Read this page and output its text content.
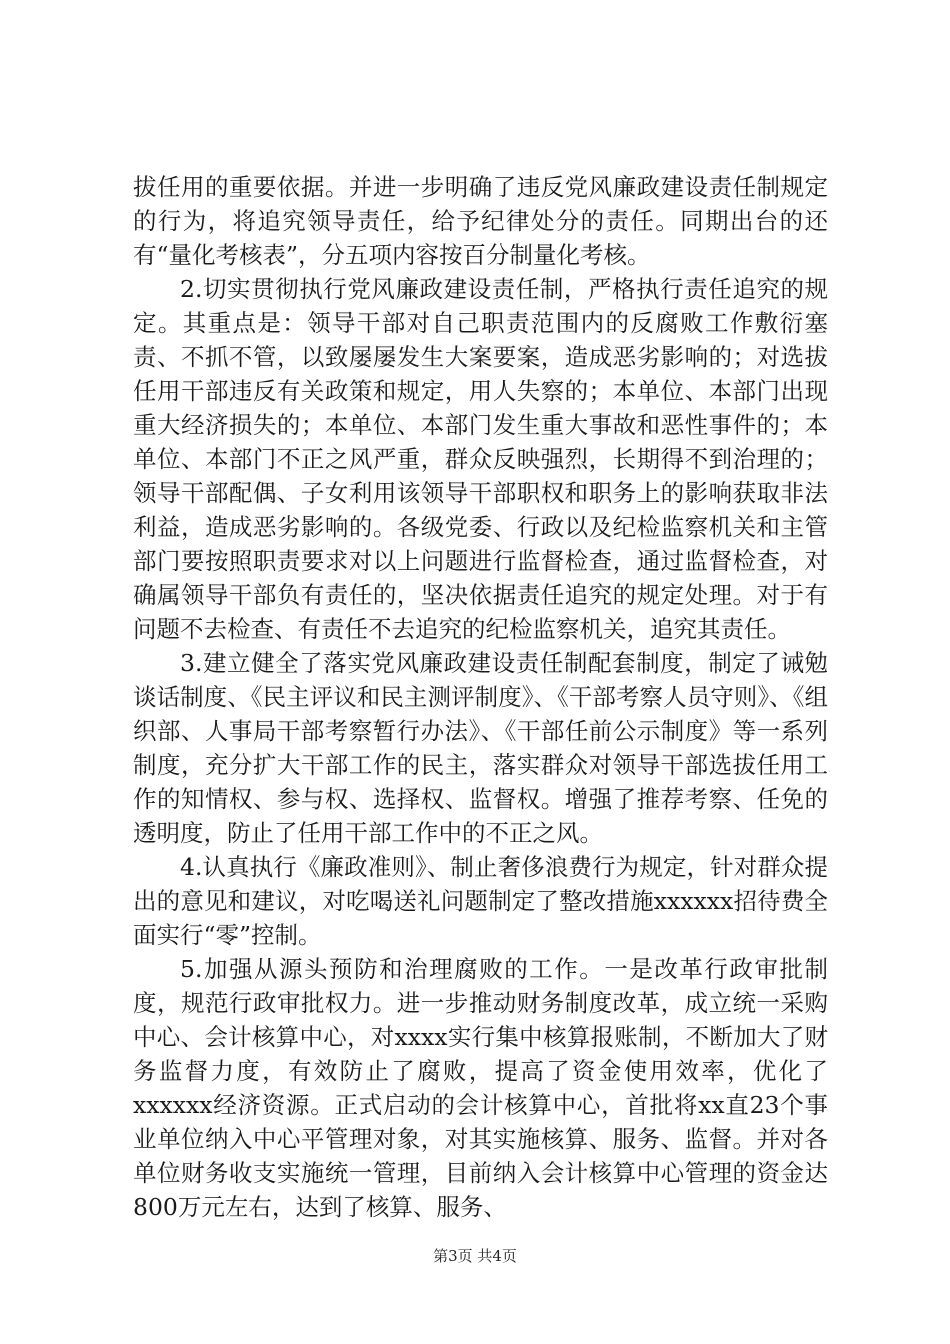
拔任用的重要依据。并进一步明确了违反党风廉政建设责任制规定的行为，将追究领导责任，给予纪律处分的责任。同期出台的还有“量化考核表”，分五项内容按百分制量化考核。

2.切实贯彻执行党风廉政建设责任制，严格执行责任追究的规定。其重点是：领导干部对自己职责范围内的反腐败工作敷衍塞责、不抓不管，以致屡屡发生大案要案，造成恶劣影响的；对选拔任用干部违反有关政策和规定，用人失察的；本单位、本部门出现重大经济损失的；本单位、本部门发生重大事故和恶性事件的；本单位、本部门不正之风严重，群众反映强烈，长期得不到治理的；领导干部配偶、子女利用该领导干部职权和职务上的影响获取非法利益，造成恶劣影响的。各级党委、行政以及纪检监察机关和主管部门要按照职责要求对以上问题进行监督检查，通过监督检查，对确属领导干部负有责任的，坚决依据责任追究的规定处理。对于有问题不去检查、有责任不去追究的纪检监察机关，追究其责任。

3.建立健全了落实党风廉政建设责任制配套制度，制定了诫勉谈话制度、《民主评议和民主测评制度》、《干部考察人员守则》、《组织部、人事局干部考察暂行办法》、《干部任前公示制度》等一系列制度，充分扩大干部工作的民主，落实群众对领导干部选拔任用工作的知情权、参与权、选择权、监督权。增强了推荐考察、任免的透明度，防止了任用干部工作中的不正之风。

4.认真执行《廉政准则》、制止奢侈浪费行为规定，针对群众提出的意见和建议，对吃喝送礼问题制定了整改措施xxxxxx招待费全面实行“零”控制。

5.加强从源头预防和治理腐败的工作。一是改革行政审批制度，规范行政审批权力。进一步推动财务制度改革，成立统一采购中心、会计核算中心，对xxxx实行集中核算报账制，不断加大了财务监督力度，有效防止了腐败，提高了资金使用效率，优化了xxxxxx经济资源。正式启动的会计核算中心，首批将xx直23个事业单位纳入中心平管理对象，对其实施核算、服务、监督。并对各单位财务收支实施统一管理，目前纳入会计核算中心管理的资金达800万元左右，达到了核算、服务、

第3页 共4页
